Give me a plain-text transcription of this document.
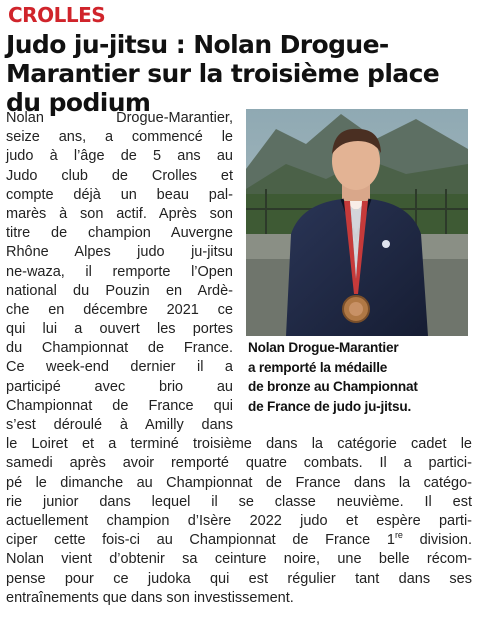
CROLLES
Judo ju-jitsu : Nolan Drogue-Marantier sur la troisième place du podium
Nolan Drogue-Marantier
a remporté la médaille
de bronze au Championnat
de France de judo ju-jitsu.
Nolan Drogue-Marantier,
seize ans, a commencé le
judo à l’âge de 5 ans au
Judo club de Crolles et
compte déjà un beau pal-
marès à son actif. Après son
titre de champion Auvergne
Rhône Alpes judo ju-jitsu
ne-waza, il remporte l’Open
national du Pouzin en Ardè-
che en décembre 2021 ce
qui lui a ouvert les portes
du Championnat de France.
Ce week-end dernier il a
participé avec brio au
Championnat de France qui
s’est déroulé à Amilly dans
le Loiret et a terminé troisième dans la catégorie cadet le
samedi après avoir remporté quatre combats. Il a partici-
pé le dimanche au Championnat de France dans la catégo-
rie junior dans lequel il se classe neuvième. Il est
actuellement champion d’Isère 2022 judo et espère parti-
ciper cette fois-ci au Championnat de France 1re division.
Nolan vient d’obtenir sa ceinture noire, une belle récom-
pense pour ce judoka qui est régulier tant dans ses
entraînements que dans son investissement.
